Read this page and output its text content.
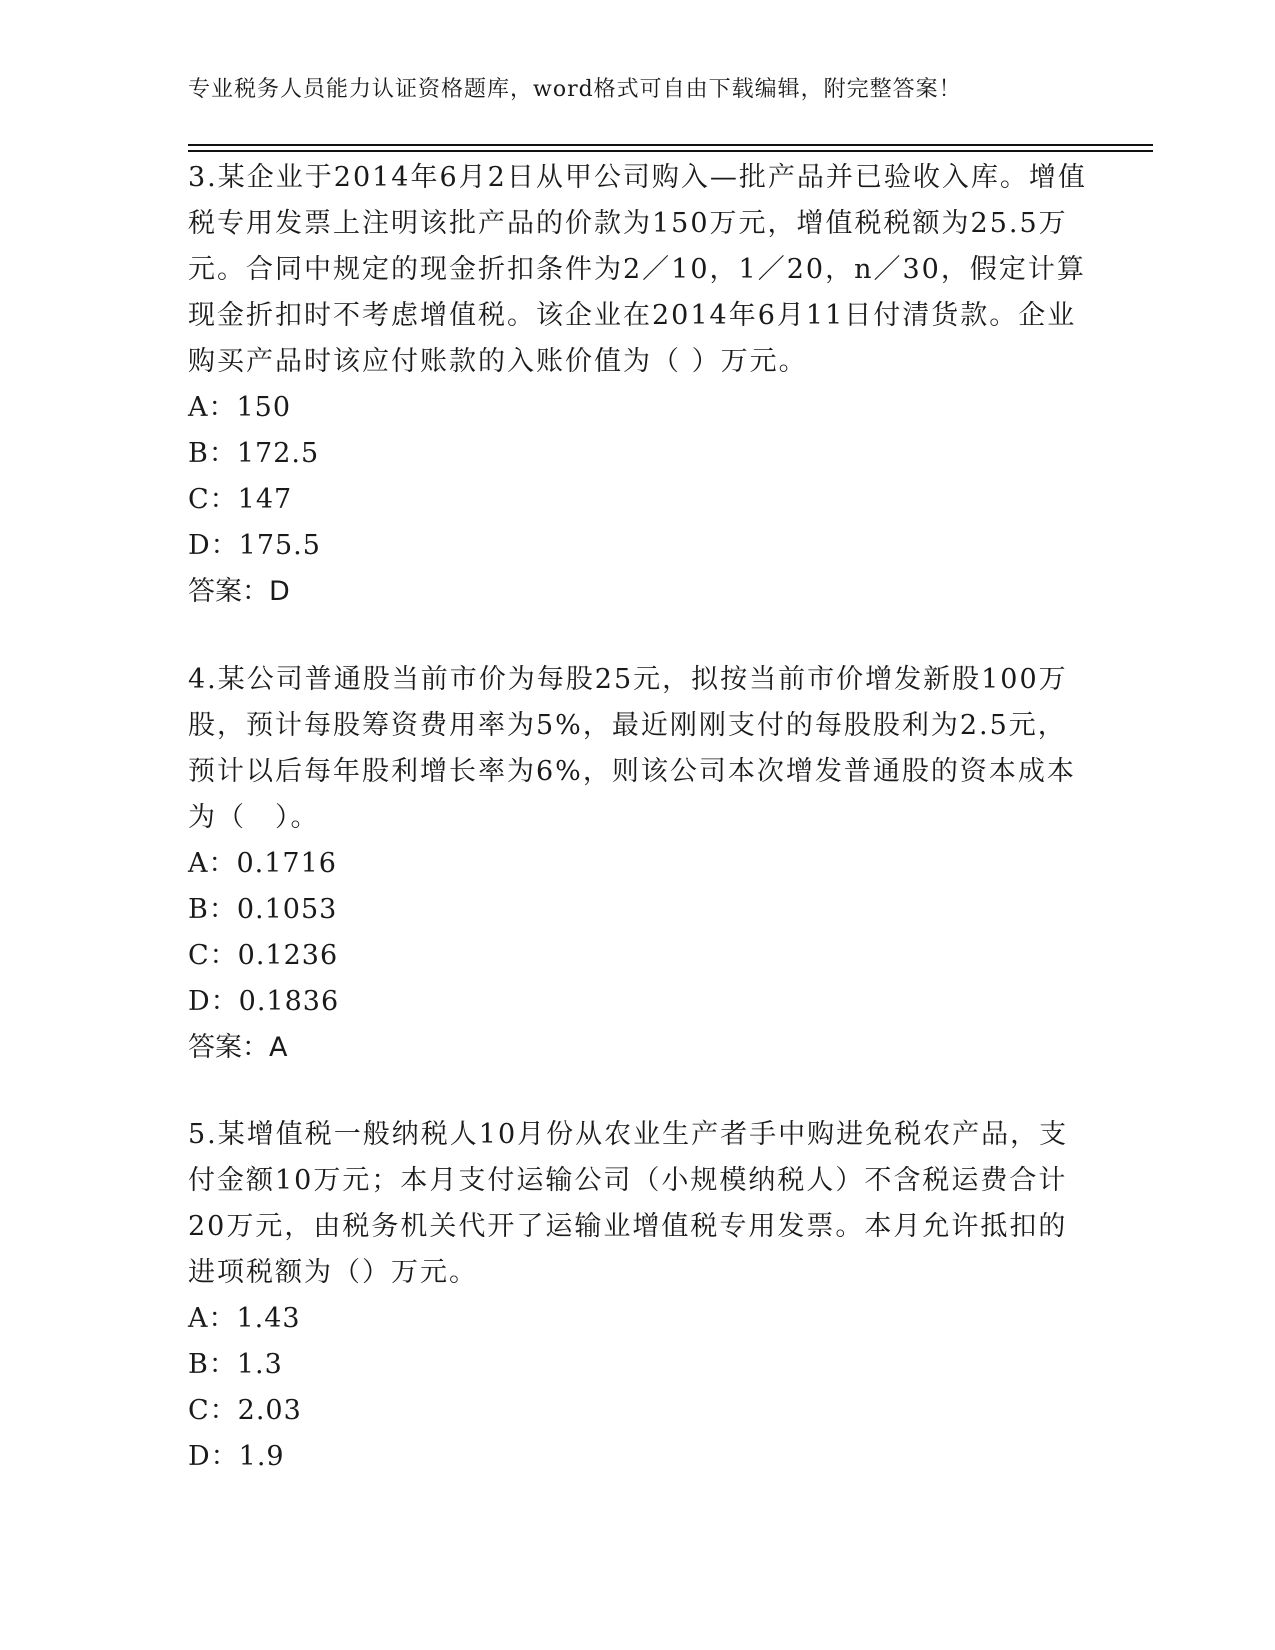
专业税务人员能力认证资格题库，word格式可自由下载编辑，附完整答案！

3.某企业于2014年6月2日从甲公司购入—批产品并已验收入库。增值税专用发票上注明该批产品的价款为150万元，增值税税额为25.5万元。合同中规定的现金折扣条件为2／10，1／20，n／30，假定计算现金折扣时不考虑增值税。该企业在2014年6月11日付清货款。企业购买产品时该应付账款的入账价值为（ ）万元。

A：150
B：172.5
C：147
D：175.5
答案：D

4.某公司普通股当前市价为每股25元，拟按当前市价增发新股100万股，预计每股筹资费用率为5%，最近刚刚支付的每股股利为2.5元，预计以后每年股利增长率为6%，则该公司本次增发普通股的资本成本为（　）。

A：0.1716
B：0.1053
C：0.1236
D：0.1836
答案：A

5.某增值税一般纳税人10月份从农业生产者手中购进免税农产品，支付金额10万元；本月支付运输公司（小规模纳税人）不含税运费合计20万元，由税务机关代开了运输业增值税专用发票。本月允许抵扣的进项税额为（）万元。

A：1.43
B：1.3
C：2.03
D：1.9
